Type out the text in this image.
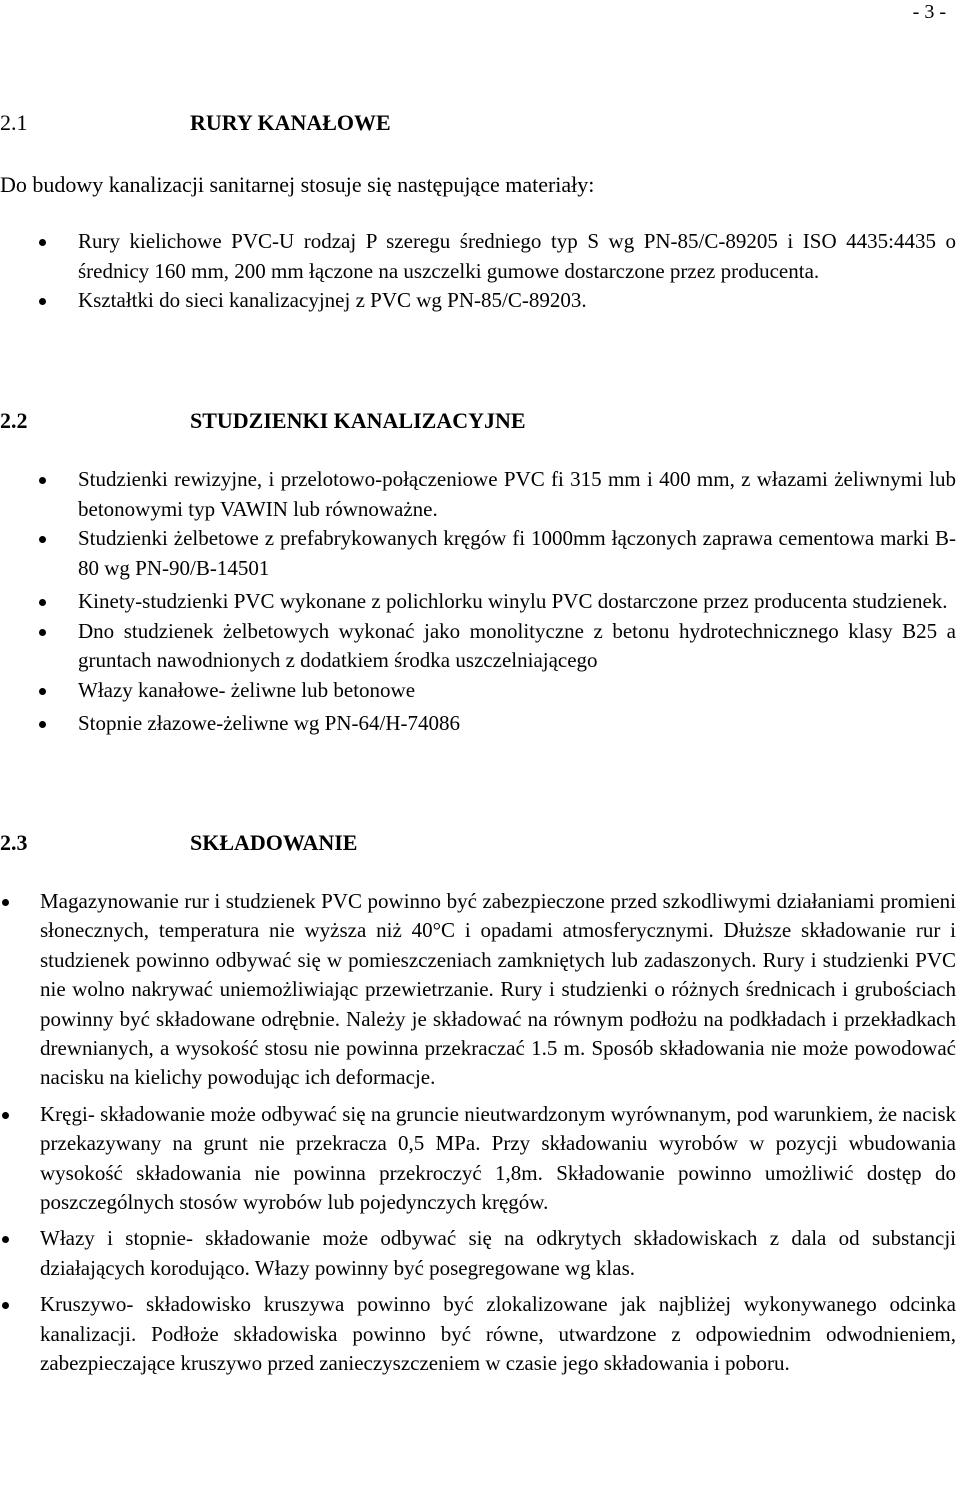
- 3 -
2.1	RURY KANAŁOWE
Do budowy kanalizacji sanitarnej stosuje się następujące materiały:
Rury kielichowe PVC-U rodzaj P szeregu średniego typ S wg PN-85/C-89205 i ISO 4435:4435 o średnicy 160 mm, 200 mm łączone na uszczelki gumowe dostarczone przez producenta.
Kształtki do sieci kanalizacyjnej z PVC wg PN-85/C-89203.
2.2	STUDZIENKI KANALIZACYJNE
Studzienki rewizyjne, i przelotowo-połączeniowe PVC fi 315 mm i 400 mm, z włazami żeliwnymi lub betonowymi typ VAWIN lub równoważne.
Studzienki żelbetowe z prefabrykowanych kręgów fi 1000mm łączonych zaprawa cementowa marki B-80 wg PN-90/B-14501
Kinety-studzienki PVC wykonane z polichlorku winylu PVC dostarczone przez producenta studzienek.
Dno studzienek żelbetowych wykonać jako monolityczne z betonu hydrotechnicznego klasy B25 a gruntach nawodnionych z dodatkiem środka uszczelniającego
Włazy kanałowe- żeliwne lub betonowe
Stopnie złazowe-żeliwne wg PN-64/H-74086
2.3	SKŁADOWANIE
Magazynowanie rur i studzienek PVC powinno być zabezpieczone przed szkodliwymi działaniami promieni słonecznych, temperatura nie wyższa niż 40°C i opadami atmosferycznymi. Dłuższe składowanie rur i studzienek powinno odbywać się w pomieszczeniach zamkniętych lub zadaszonych. Rury i studzienki PVC nie wolno nakrywać uniemożliwiając przewietrzanie. Rury i studzienki o różnych średnicach i grubościach powinny być składowane odrębnie. Należy je składować na równym podłożu na podkładach i przekładkach drewnianych, a wysokość stosu nie powinna przekraczać 1.5 m. Sposób składowania nie może powodować nacisku na kielichy powodując ich deformacje.
Kręgi- składowanie może odbywać się na gruncie nieutwardzonym wyrównanym, pod warunkiem, że nacisk przekazywany na grunt nie przekracza 0,5 MPa. Przy składowaniu wyrobów w pozycji wbudowania wysokość składowania nie powinna przekroczyć 1,8m. Składowanie powinno umożliwić dostęp do poszczególnych stosów wyrobów lub pojedynczych kręgów.
Włazy i stopnie- składowanie może odbywać się na odkrytych składowiskach z dala od substancji działających korodująco. Włazy powinny być posegregowane wg klas.
Kruszywo- składowisko kruszywa powinno być zlokalizowane jak najbliżej wykonywanego odcinka kanalizacji. Podłoże składowiska powinno być równe, utwardzone z odpowiednim odwodnieniem, zabezpieczające kruszywo przed zanieczyszczeniem w czasie jego składowania i poboru.
